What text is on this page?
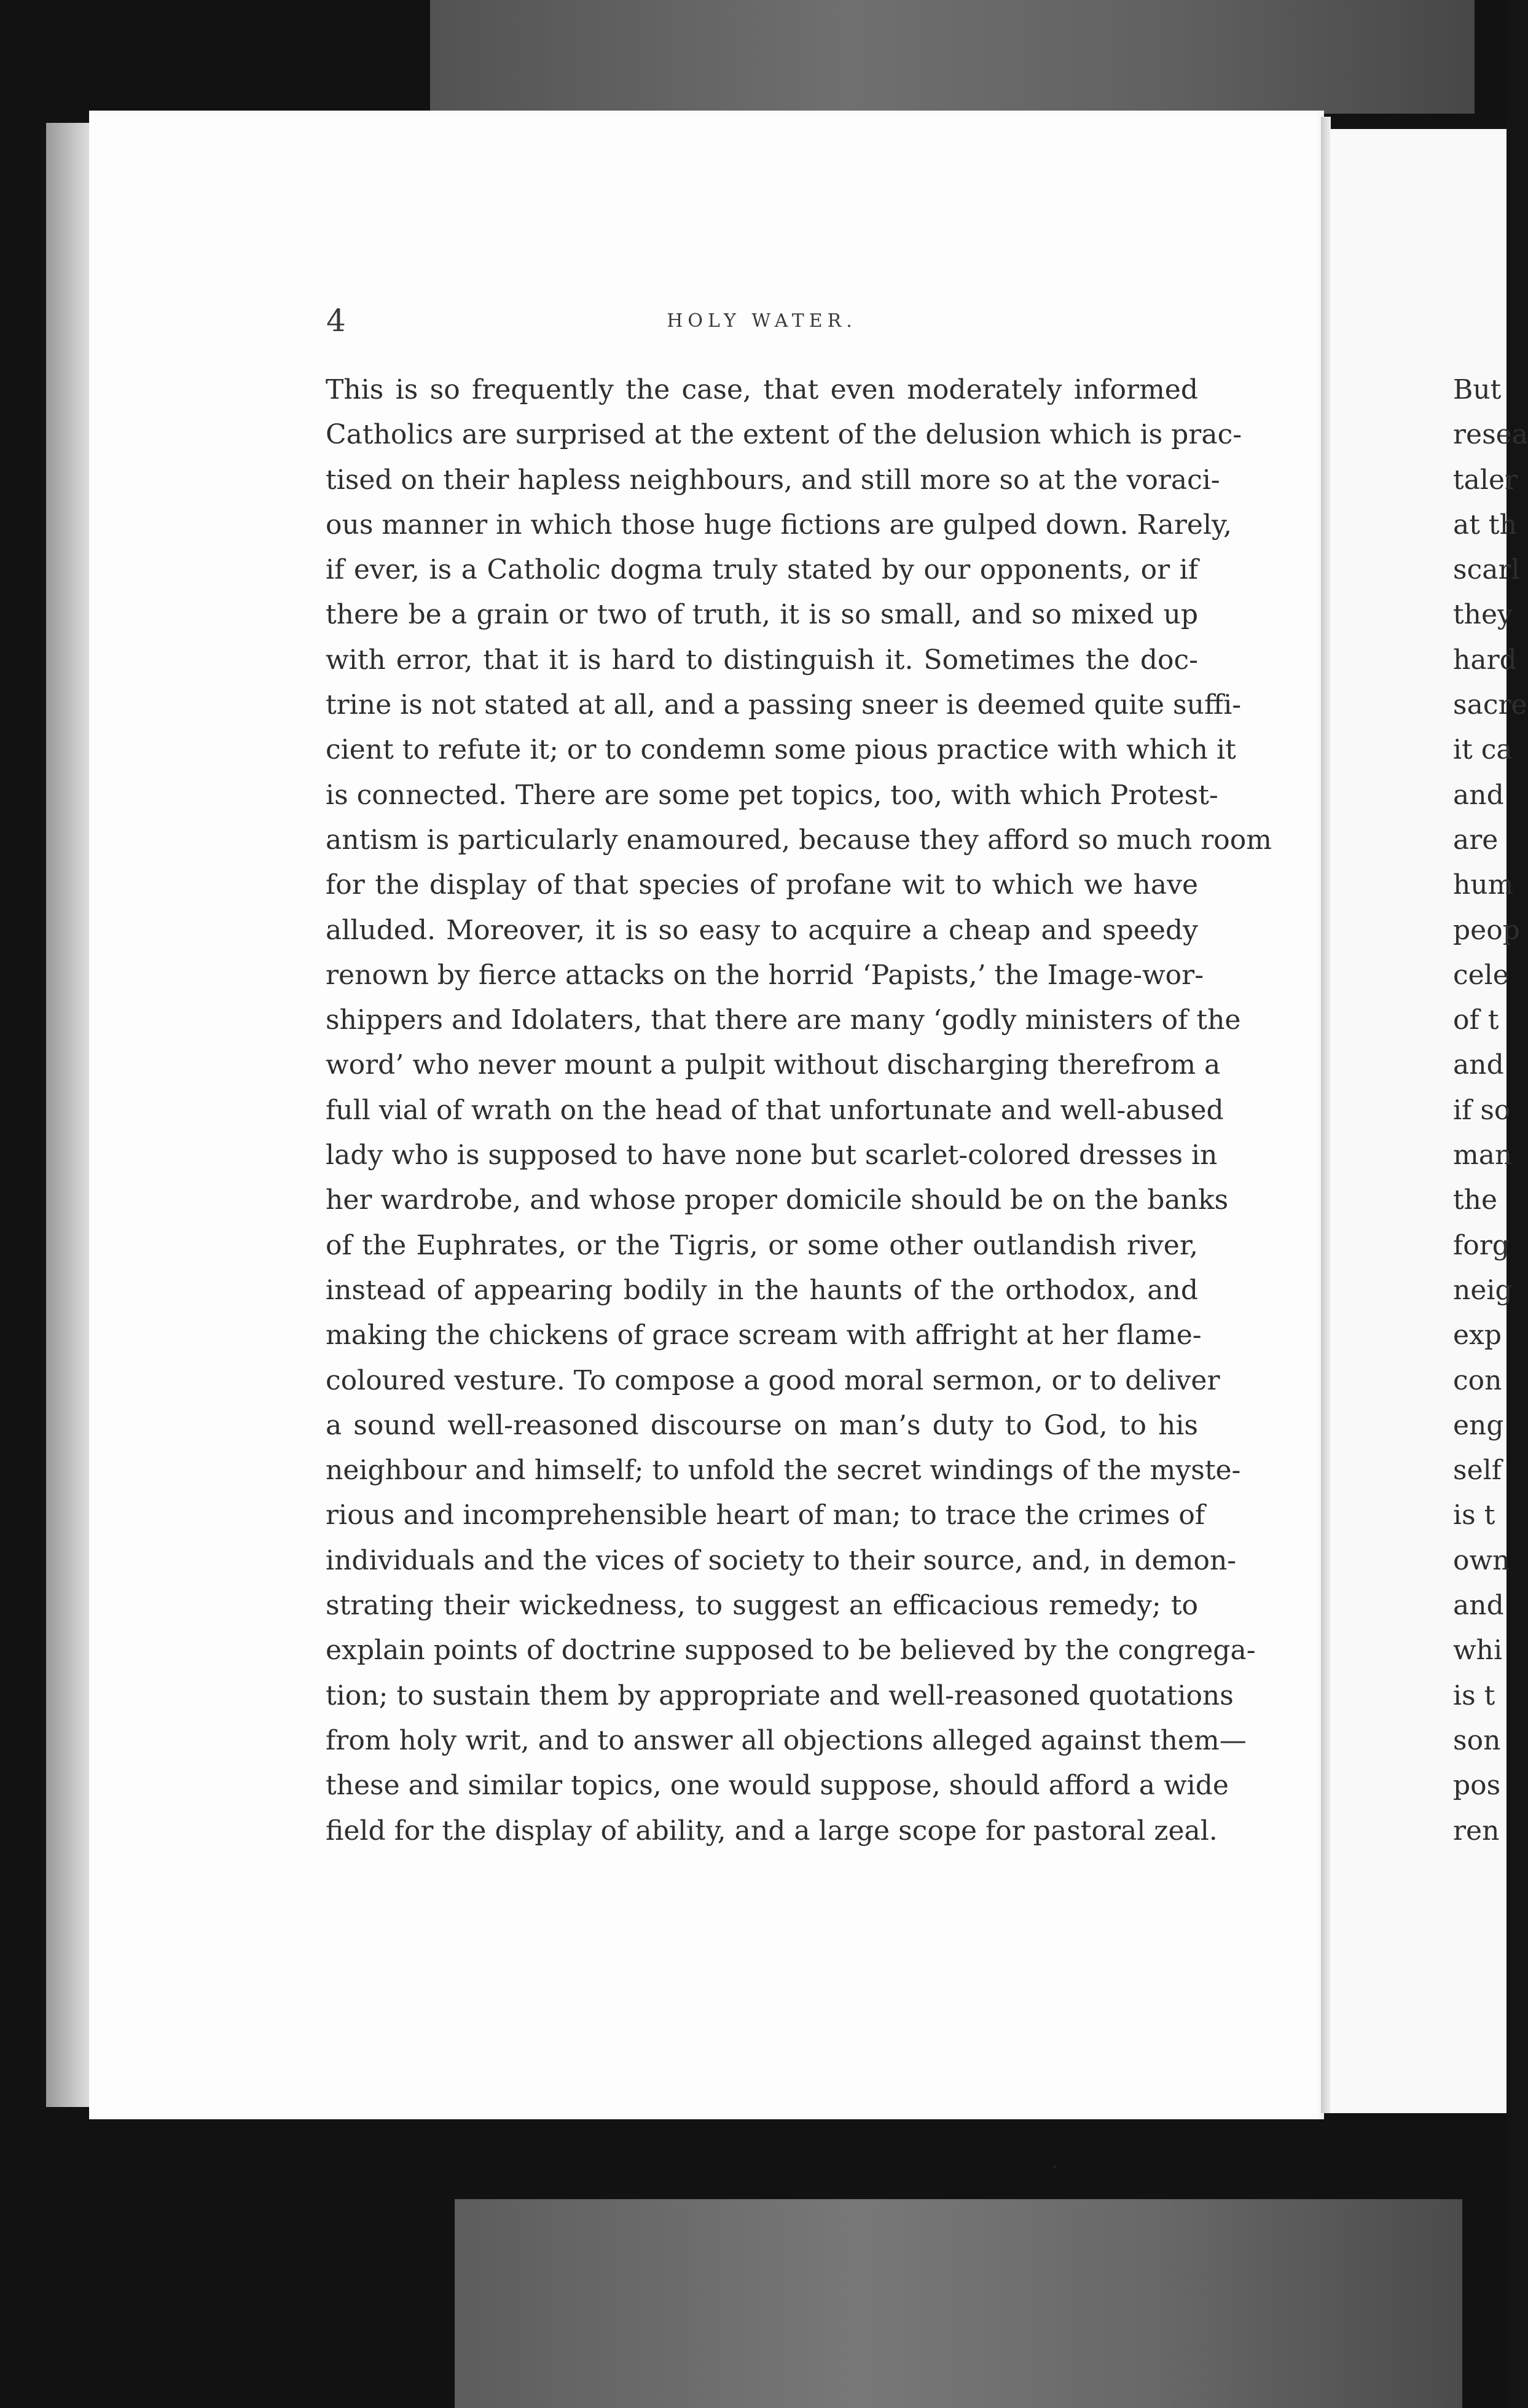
4	HOLY WATER.
This is so frequently the case, that even moderately informed
Catholics are surprised at the extent of the delusion which is prac-
tised on their hapless neighbours, and still more so at the voraci-
ous manner in which those huge fictions are gulped down. Rarely,
if ever, is a Catholic dogma truly stated by our opponents, or if
there be a grain or two of truth, it is so small, and so mixed up
with error, that it is hard to distinguish it. Sometimes the doc-
trine is not stated at all, and a passing sneer is deemed quite suffi-
cient to refute it; or to condemn some pious practice with which it
is connected. There are some pet topics, too, with which Protest-
antism is particularly enamoured, because they afford so much room
for the display of that species of profane wit to which we have
alluded. Moreover, it is so easy to acquire a cheap and speedy
renown by fierce attacks on the horrid ‘Papists,’ the Image-wor-
shippers and Idolaters, that there are many ‘godly ministers of the
word’ who never mount a pulpit without discharging therefrom a
full vial of wrath on the head of that unfortunate and well-abused
lady who is supposed to have none but scarlet-colored dresses in
her wardrobe, and whose proper domicile should be on the banks
of the Euphrates, or the Tigris, or some other outlandish river,
instead of appearing bodily in the haunts of the orthodox, and
making the chickens of grace scream with affright at her flame-
coloured vesture. To compose a good moral sermon, or to deliver
a sound well-reasoned discourse on man’s duty to God, to his
neighbour and himself; to unfold the secret windings of the myste-
rious and incomprehensible heart of man; to trace the crimes of
individuals and the vices of society to their source, and, in demon-
strating their wickedness, to suggest an efficacious remedy; to
explain points of doctrine supposed to be believed by the congrega-
tion; to sustain them by appropriate and well-reasoned quotations
from holy writ, and to answer all objections alleged against them—
these and similar topics, one would suppose, should afford a wide
field for the display of ability, and a large scope for pastoral zeal.
But
resea
taler
at th
scarl
they
hard
sacre
it ca
and
are
hum
peop
cele
of t
and
if so
man
the
forg
neig
exp
con
eng
self
is t
own
and
whi
is t
son
pos
ren
